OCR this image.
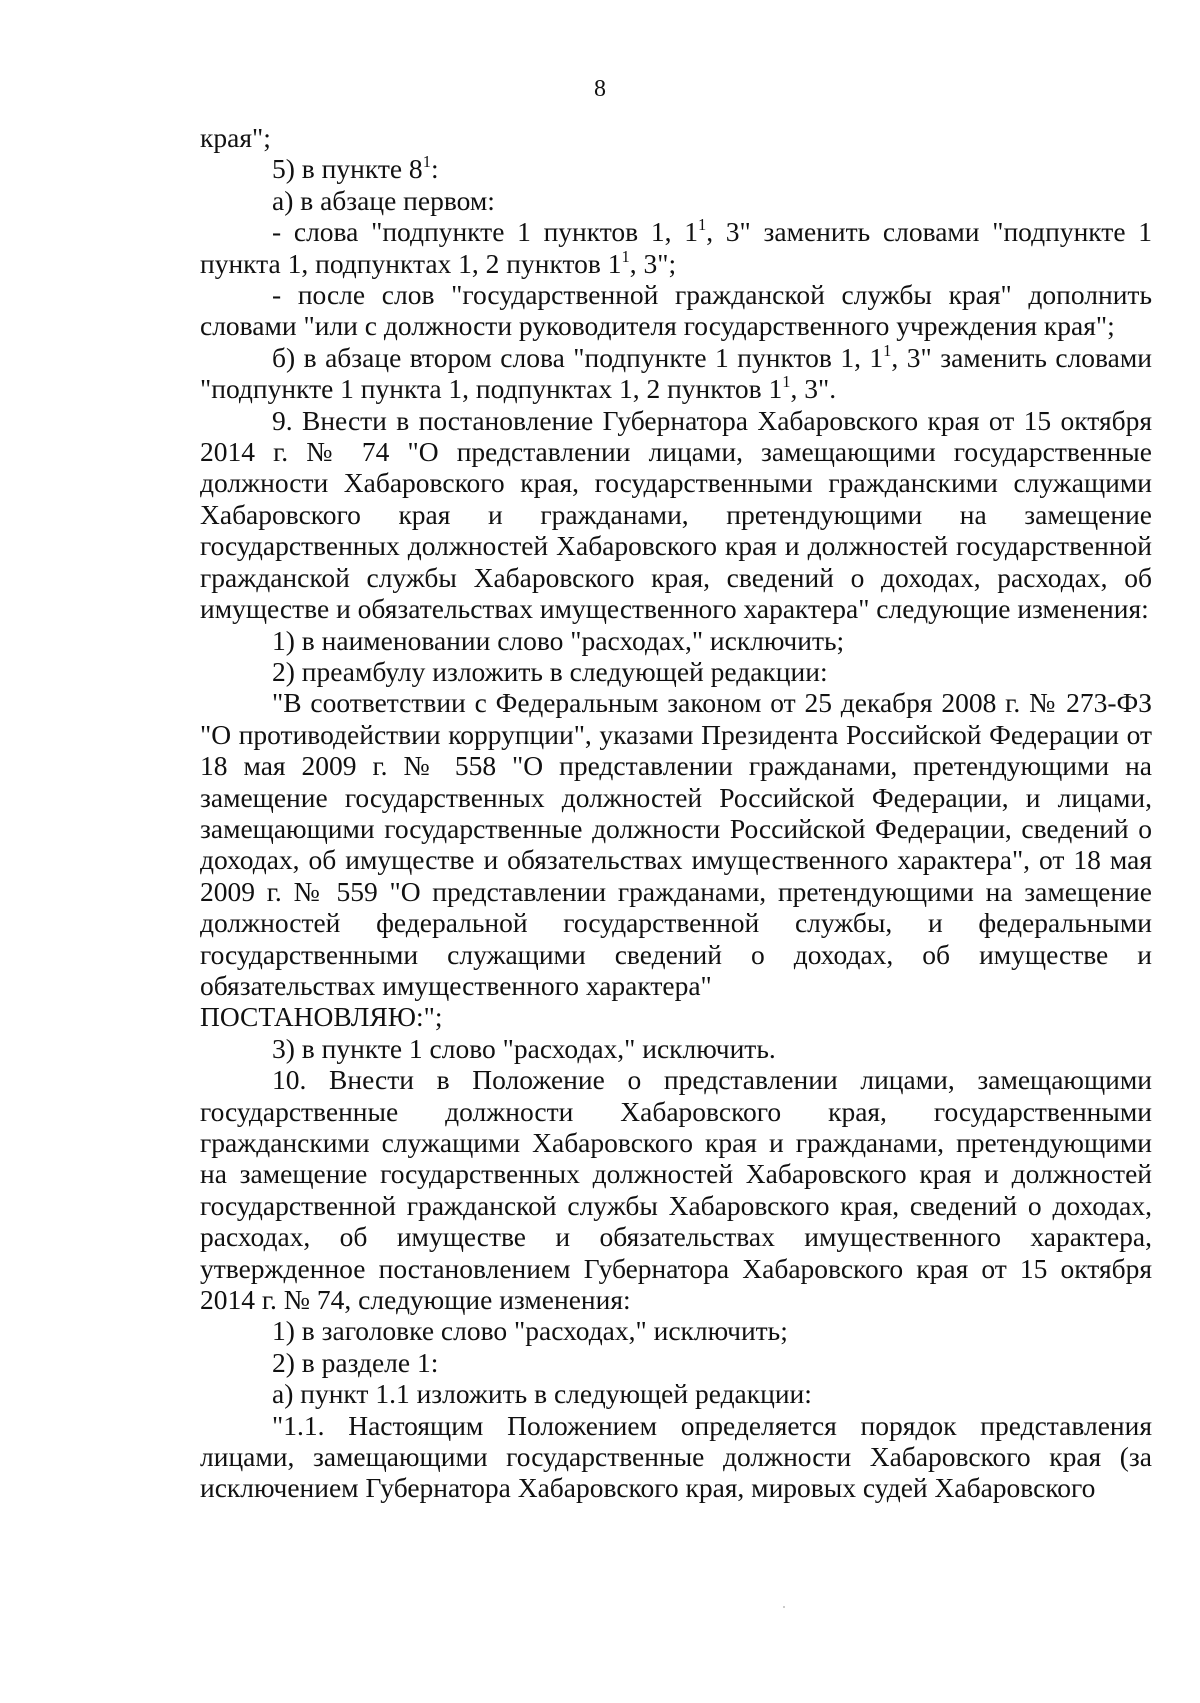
8

края";

5) в пункте $8^1$:

а) в абзаце первом:

- слова "подпункте 1 пунктов 1, $1^1$, 3" заменить словами "подпункте 1 пункта 1, подпунктах 1, 2 пунктов $1^1$, 3";

- после слов "государственной гражданской службы края" дополнить словами "или с должности руководителя государственного учреждения края";

б) в абзаце втором слова "подпункте 1 пунктов 1, $1^1$, 3" заменить словами "подпункте 1 пункта 1, подпунктах 1, 2 пунктов $1^1$, 3".

9. Внести в постановление Губернатора Хабаровского края от 15 октября 2014 г. № 74 "О представлении лицами, замещающими государственные должности Хабаровского края, государственными гражданскими служащими Хабаровского края и гражданами, претендующими на замещение государственных должностей Хабаровского края и должностей государственной гражданской службы Хабаровского края, сведений о доходах, расходах, об имуществе и обязательствах имущественного характера" следующие изменения:

1) в наименовании слово "расходах," исключить;

2) преамбулу изложить в следующей редакции:

"В соответствии с Федеральным законом от 25 декабря 2008 г. № 273-ФЗ "О противодействии коррупции", указами Президента Российской Федерации от 18 мая 2009 г. № 558 "О представлении гражданами, претендующими на замещение государственных должностей Российской Федерации, и лицами, замещающими государственные должности Российской Федерации, сведений о доходах, об имуществе и обязательствах имущественного характера", от 18 мая 2009 г. № 559 "О представлении гражданами, претендующими на замещение должностей федеральной государственной службы, и федеральными государственными служащими сведений о доходах, об имуществе и обязательствах имущественного характера"

ПОСТАНОВЛЯЮ:";

3) в пункте 1 слово "расходах," исключить.

10. Внести в Положение о представлении лицами, замещающими государственные должности Хабаровского края, государственными гражданскими служащими Хабаровского края и гражданами, претендующими на замещение государственных должностей Хабаровского края и должностей государственной гражданской службы Хабаровского края, сведений о доходах, расходах, об имуществе и обязательствах имущественного характера, утвержденное постановлением Губернатора Хабаровского края от 15 октября 2014 г. № 74, следующие изменения:

1) в заголовке слово "расходах," исключить;

2) в разделе 1:

а) пункт 1.1 изложить в следующей редакции:

"1.1. Настоящим Положением определяется порядок представления лицами, замещающими государственные должности Хабаровского края (за исключением Губернатора Хабаровского края, мировых судей Хабаровского
